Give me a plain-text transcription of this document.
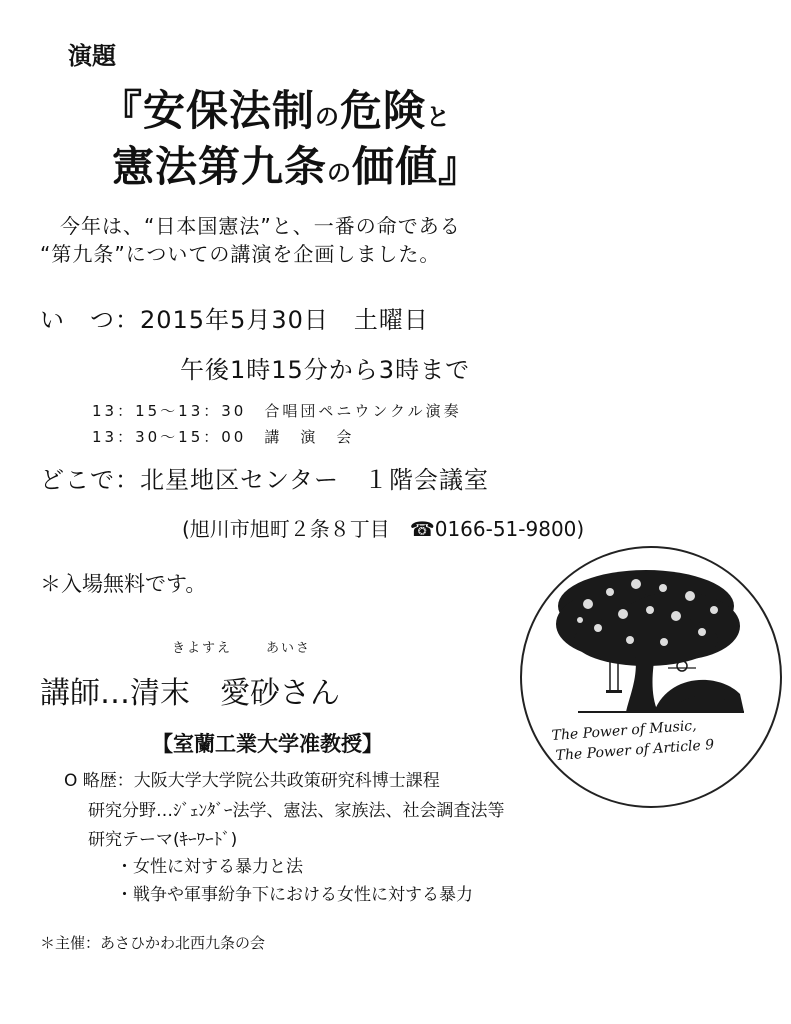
演題
『安保法制の危険と
憲法第九条の価値』
今年は、“日本国憲法”と、一番の命である
“第九条”についての講演を企画しました。
い　つ：2015年5月30日　土曜日
午後1時15分から3時まで
13：15～13：30　合唱団ペニウンクル演奏
13：30～15：00　講　演　会
どこで：北星地区センター　１階会議室
(旭川市旭町２条８丁目　☎0166-51-9800)
＊入場無料です。
きよすえ	あいさ
講師…清末　愛砂さん
【室蘭工業大学准教授】
O 略歴：大阪大学大学院公共政策研究科博士課程
研究分野…ｼﾞｪﾝﾀﾞｰ法学、憲法、家族法、社会調査法等
研究テーマ(ｷｰﾜｰﾄﾞ)
・女性に対する暴力と法
・戦争や軍事紛争下における女性に対する暴力
＊主催：あさひかわ北西九条の会
The Power of Music,
The Power of Article 9
